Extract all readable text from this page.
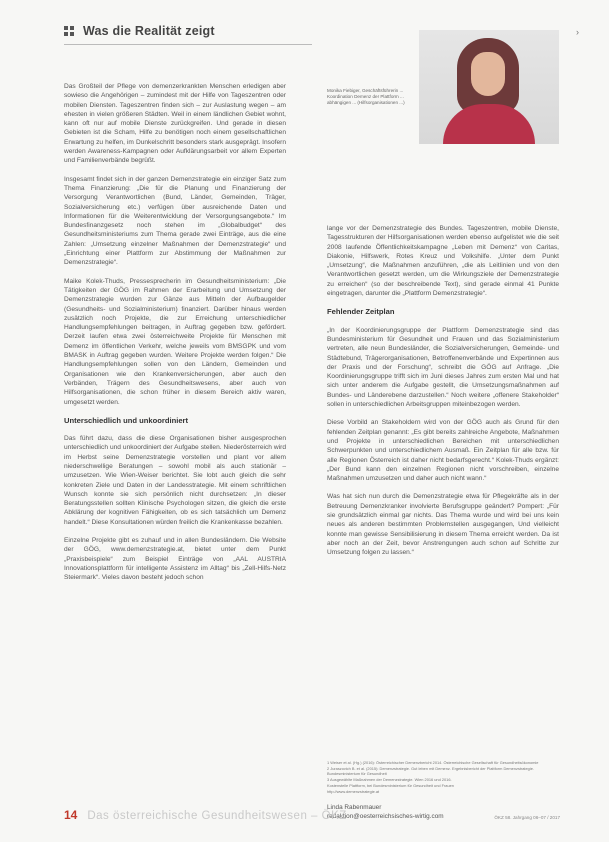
Was die Realität zeigt	›
Monika Fiebiger, Geschäftsführerin ... Koordination Demenz der Plattform ... abhängigen ... (Hilfsorganisationen ...)

Das Großteil der Pflege von demenzerkrankten Menschen erledigen aber sowieso die Angehörigen – zumindest mit der Hilfe von Tageszentren oder mobilen Diensten. Tageszentren finden sich – zur Auslastung wegen – am ehesten in vielen größeren Städten. Weil in einem ländlichen Gebiet wohnt, kann oft nur auf mobile Dienste zurückgreifen. Und gerade in diesen Gebieten ist die Scham, Hilfe zu benötigen noch einem gesellschaftlichen Erwartung zu helfen, im Dunkelschritt besonders stark ausgeprägt. Insofern werden Awareness-Kampagnen oder Aufklärungsarbeit vor allem Experten und Familienverbände begrüßt.

Insgesamt findet sich in der ganzen Demenzstrategie ein einziger Satz zum Thema Finanzierung: „Die für die Planung und Finanzierung der Versorgung Verantwortlichen (Bund, Länder, Gemeinden, Träger, Sozialversicherung etc.) verfügen über ausreichende Daten und Informationen für die Weiterentwicklung der Versorgungsangebote.“ Im Bundesfinanzgesetz noch stehen im „Globalbudget“ des Gesundheitsministeriums zum Thema gerade zwei Einträge, aus die eine Zahlen: „Umsetzung einzelner Maßnahmen der Demenzstrategie“ und „Einrichtung einer Plattform zur Abstimmung der Maßnahmen zur Demenzstrategie“.

Maike Kolek-Thuds, Pressesprecherin im Gesundheitsministerium: „Die Tätigkeiten der GÖG im Rahmen der Erarbeitung und Umsetzung der Demenzstrategie wurden zur Gänze aus Mitteln der Aufbaugelder (Gesundheits- und Sozialministerium) finanziert. Darüber hinaus werden zusätzlich noch Projekte, die zur Erreichung unterschiedlicher Handlungsempfehlungen beitragen, in Auftrag gegeben bzw. gefördert. Derzeit laufen etwa zwei österreichweite Projekte für Menschen mit Demenz im öffentlichen Verkehr, welche jeweils vom BMSGPK und vom BMASK in Auftrag gegeben wurden. Weitere Projekte werden folgen.“ Die Handlungsempfehlungen sollen von den Ländern, Gemeinden und Organisationen wie den Krankenversicherungen, aber auch den Verbänden, Trägern des Gesundheitswesens, aber auch von Hilfsorganisationen, die schon früher in diesem Bereich aktiv waren, umgesetzt werden.

Unterschiedlich und unkoordiniert

Das führt dazu, dass die diese Organisationen bisher ausgesprochen unterschiedlich und unkoordiniert der Aufgabe stellen. Niederösterreich wird im Herbst seine Demenzstrategie vorstellen und plant vor allem niederschwellige Beratungen – sowohl mobil als auch stationär – umzusetzen. Wie Wien-Weiser berichtet. Sie lobt auch gleich die sehr konkreten Ziele und Daten in der Landesstrategie. Mit einem schriftlichen Wunsch konnte sie sich persönlich nicht durchsetzen: „In dieser Beratungsstellen sollten Klinische Psychologen sitzen, die gleich die erste Abklärung der kognitiven Fähigkeiten, ob es sich tatsächlich um Demenz handelt.“ Diese Konsultationen würden freilich die Krankenkasse bezahlen.

Einzelne Projekte gibt es zuhauf und in allen Bundesländern. Die Website der GÖG, www.demenzstrategie.at, bietet unter dem Punkt „Praxisbeispiele“ zum Beispiel Einträge von „AAL AUSTRIA Innovationsplattform für intelligente Assistenz im Alltag“ bis „Zell-Hilfs-Netz Steiermark“. Vieles davon besteht jedoch schon

lange vor der Demenzstrategie des Bundes. Tageszentren, mobile Dienste, Tagesstrukturen der Hilfsorganisationen werden ebenso aufgelistet wie die seit 2008 laufende Öffentlichkeitskampagne „Leben mit Demenz“ von Caritas, Diakonie, Hilfswerk, Rotes Kreuz und Volkshilfe. „Unter dem Punkt „Umsetzung“, die Maßnahmen anzuführen, „die als Leitlinien und von den Verantwortlichen gesetzt werden, um die Wirkungsziele der Demenzstrategie zu erreichen“ (so der beschreibende Text), sind gerade einmal 41 Punkte eingetragen, darunter die „Plattform Demenzstrategie“.

Fehlender Zeitplan

„In der Koordinierungsgruppe der Plattform Demenzstrategie sind das Bundesministerium für Gesundheit und Frauen und das Sozialministerium vertreten, alle neun Bundesländer, die Sozialversicherungen, Gemeinde- und Städtebund, Trägerorganisationen, Betroffenenverbände und Expertinnen aus der Praxis und der Forschung“, schreibt die GÖG auf Anfrage. „Die Koordinierungsgruppe trifft sich im Juni dieses Jahres zum ersten Mal und hat sich unter anderem die Aufgabe gestellt, die Umsetzungsmaßnahmen auf Bundes- und Länderebene darzustellen.“ Noch weitere „offenere Stakeholder“ sollen in unterschiedlichen Arbeitsgruppen miteinbezogen werden.

Diese Vorbild an Stakeholdern wird von der GÖG auch als Grund für den fehlenden Zeitplan genannt: „Es gibt bereits zahlreiche Angebote, Maßnahmen und Projekte in unterschiedlichen Bereichen mit unterschiedlichen Schwerpunkten und unterschiedlichem Ausmaß. Ein Zeitplan für alle bzw. für alle Regionen Österreich ist daher nicht bedarfsgerecht.“ Kolek-Thuds ergänzt: „Der Bund kann den einzelnen Regionen nicht vorschreiben, einzelne Maßnahmen umzusetzen und daher auch nicht wann.“

Was hat sich nun durch die Demenzstrategie etwa für Pflegekräfte als in der Betreuung Demenzkranker involvierte Berufsgruppe geändert? Pompert: „Für sie grundsätzlich einmal gar nichts. Das Thema wurde und wird bei uns kein neues als anderen bestimmten Problemstellen ausgegangen, Und vielleicht konnte man gewisse Sensibilisierung in diesem Thema erreicht werden. Da ist aber noch an der Zeit, bevor Anstrengungen auch schon auf Schritte zur Umsetzung folgen zu lassen.“

1 Weiser et al. (Hg.) (2016): Österreichischer Demenzbericht 2014. Österreichische Gesellschaft für Gesundheitsökonomie
2 Juraszovich B. et al. (2015): Demenzstrategie. Gut leben mit Demenz. Ergebnisbericht der Plattform Demenzstrategie. Bundesministerium für Gesundheit
3 Ausgewählte Maßnahmen der Demenzstrategie. Wien 2016 und 2016.
Kostenstelle Plattform, bei Bundesministerium für Gesundheit und Frauen
http://www.demenzstrategie.at
Linda Rabenmauer
redaktion@oesterreichsisches-wirtig.com
14 Das österreichische Gesundheitswesen – ÖKZ	ÖKZ 58. Jahrgang 06–07 / 2017
